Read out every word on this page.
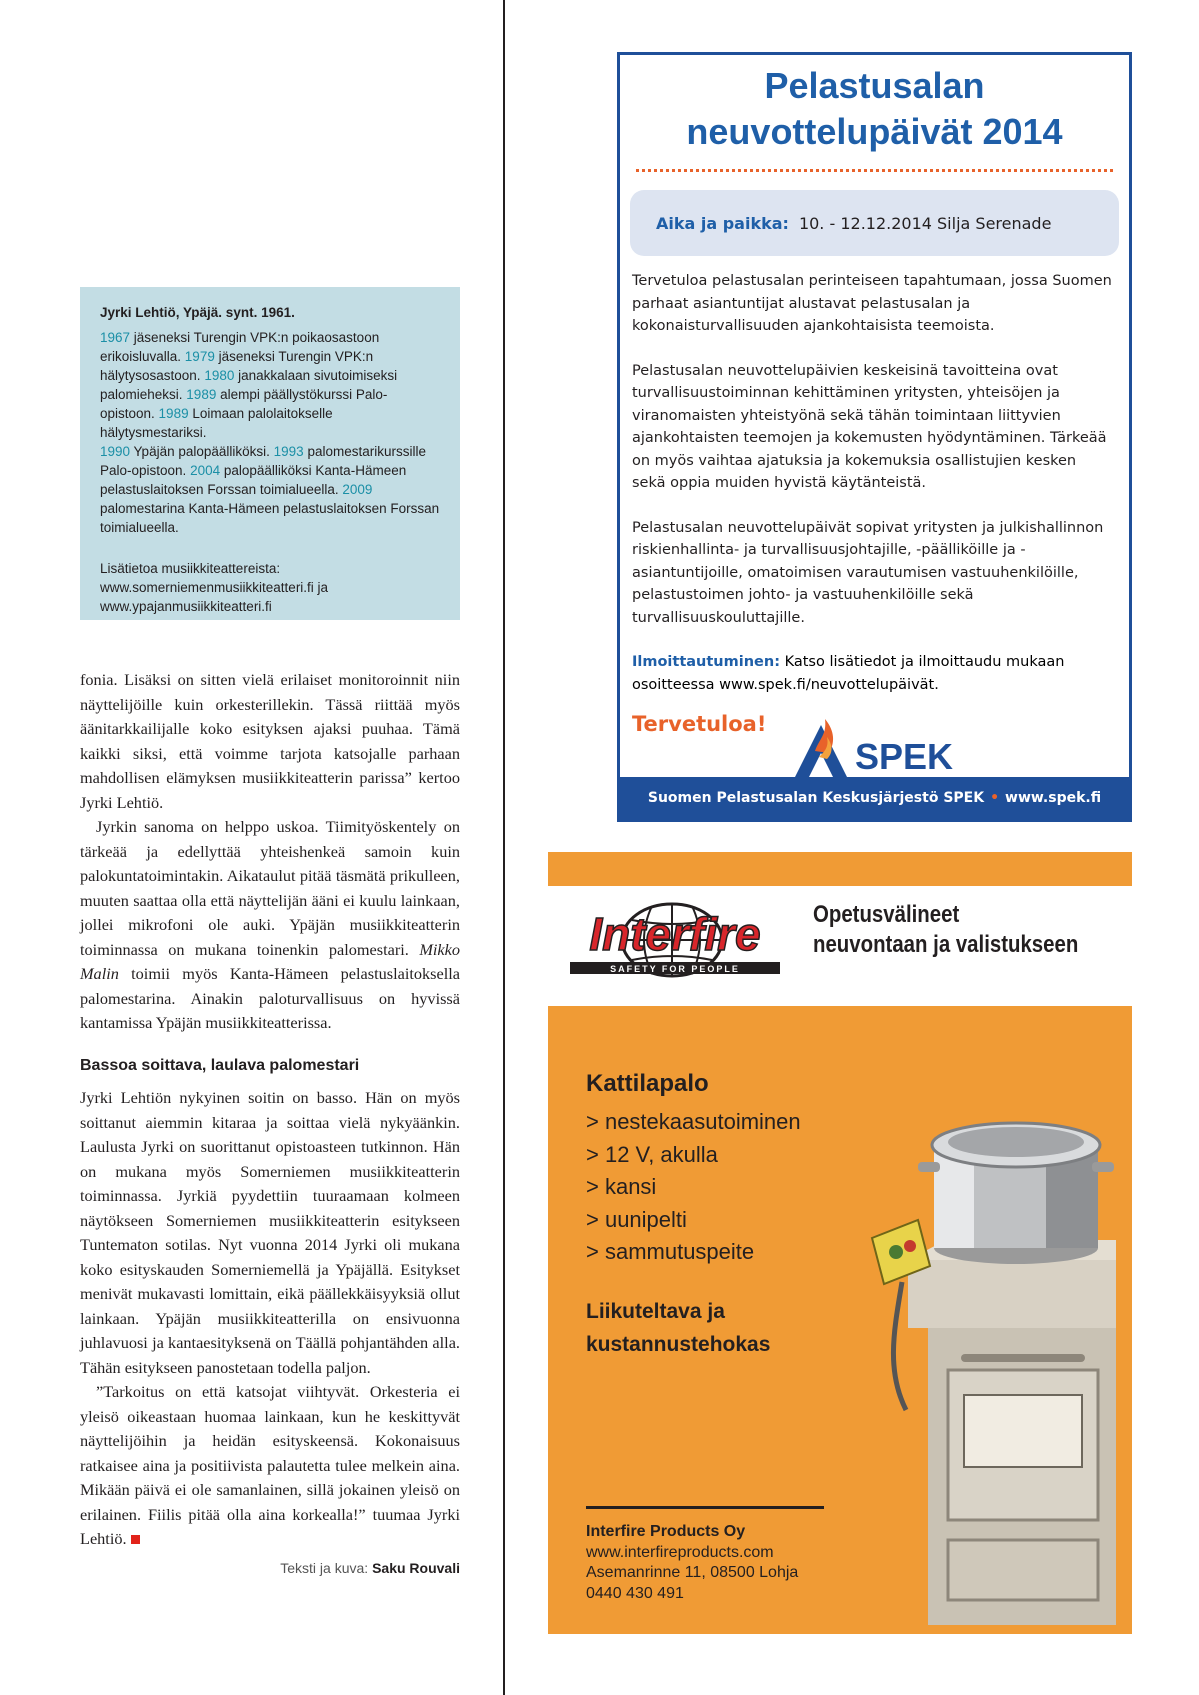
Jyrki Lehtiö, Ypäjä. synt. 1961.

1967 jäseneksi Turengin VPK:n poikaosastoon erikoisluvalla. 1979 jäseneksi Turengin VPK:n hälytysosastoon. 1980 janakkalaan sivutoimiseksi palomieheksi. 1989 alempi päällystökurssi Palo-opistoon. 1989 Loimaan palolaitokselle hälytysmestariksi.
1990 Ypäjän palopäälliköksi. 1993 palomestarikurssille Palo-opistoon. 2004 palopäälliköksi Kanta-Hämeen pelastuslaitoksen Forssan toimialueella. 2009 palomestarina Kanta-Hämeen pelastuslaitoksen Forssan toimialueella.

Lisätietoa musiikkiteattereista: www.somerniemenmusiikkiteatteri.fi ja www.ypajanmusiikkiteatteri.fi

fonia. Lisäksi on sitten vielä erilaiset monitoroinnit niin näyttelijöille kuin orkesterillekin. Tässä riittää myös äänitarkkailijalle koko esityksen ajaksi puuhaa. Tämä kaikki siksi, että voimme tarjota katsojalle parhaan mahdollisen elämyksen musiikkiteatterin parissa” kertoo Jyrki Lehtiö.

Jyrkin sanoma on helppo uskoa. Tiimityöskentely on tärkeää ja edellyttää yhteishenkeä samoin kuin palokuntatoimintakin. Aikataulut pitää täsmätä prikulleen, muuten saattaa olla että näyttelijän ääni ei kuulu lainkaan, jollei mikrofoni ole auki. Ypäjän musiikkiteatterin toiminnassa on mukana toinenkin palomestari. Mikko Malin toimii myös Kanta-Hämeen pelastuslaitoksella palomestarina. Ainakin paloturvallisuus on hyvissä kantamissa Ypäjän musiikkiteatterissa.

Bassoa soittava, laulava palomestari

Jyrki Lehtiön nykyinen soitin on basso. Hän on myös soittanut aiemmin kitaraa ja soittaa vielä nykyäänkin. Laulusta Jyrki on suorittanut opistoasteen tutkinnon. Hän on mukana myös Somerniemen musiikkiteatterin toiminnassa. Jyrkiä pyydettiin tuuraamaan kolmeen näytökseen Somerniemen musiikkiteatterin esitykseen Tuntematon sotilas. Nyt vuonna 2014 Jyrki oli mukana koko esityskauden Somerniemellä ja Ypäjällä. Esitykset menivät mukavasti lomittain, eikä päällekkäisyyksiä ollut lainkaan. Ypäjän musiikkiteatterilla on ensivuonna juhlavuosi ja kantaesityksenä on Täällä pohjantähden alla. Tähän esitykseen panostetaan todella paljon.

”Tarkoitus on että katsojat viihtyvät. Orkesteria ei yleisö oikeastaan huomaa lainkaan, kun he keskittyvät näyttelijöihin ja heidän esityskeensä. Kokonaisuus ratkaisee aina ja positiivista palautetta tulee melkein aina. Mikään päivä ei ole samanlainen, sillä jokainen yleisö on erilainen. Fiilis pitää olla aina korkealla!” tuumaa Jyrki Lehtiö.

Teksti ja kuva: Saku Rouvali
Pelastusalan
neuvottelupäivät 2014
Aika ja paikka: 10. - 12.12.2014 Silja Serenade

Tervetuloa pelastusalan perinteiseen tapahtumaan, jossa Suomen parhaat asiantuntijat alustavat pelastusalan ja kokonaisturvallisuuden ajankohtaisista teemoista.

Pelastusalan neuvottelupäivien keskeisinä tavoitteina ovat turvallisuustoiminnan kehittäminen yritysten, yhteisöjen ja viranomaisten yhteistyönä sekä tähän toimintaan liittyvien ajankohtaisten teemojen ja kokemusten hyödyntäminen. Tärkeää on myös vaihtaa ajatuksia ja kokemuksia osallistujien kesken sekä oppia muiden hyvistä käytänteistä.

Pelastusalan neuvottelupäivät sopivat yritysten ja julkishallinnon riskienhallinta- ja turvallisuusjohtajille, -päälliköille ja -asiantuntijoille, omatoimisen varautumisen vastuuhenkilöille, pelastustoimen johto- ja vastuuhenkilöille sekä turvallisuuskouluttajille.

Ilmoittautuminen: Katso lisätiedot ja ilmoittaudu mukaan osoitteessa www.spek.fi/neuvottelupäivät.
Tervetuloa!
SPEK
Suomen Pelastusalan Keskusjärjestö SPEK • www.spek.fi
Interfire
SAFETY FOR PEOPLE
Opetusvälineet
neuvontaan ja valistukseen
Kattilapalo
> nestekaasutoiminen
> 12 V, akulla
> kansi
> uunipelti
> sammutuspeite
Liikuteltava ja
kustannustehokas
Interfire Products Oy
www.interfireproducts.com
Asemanrinne 11, 08500 Lohja
0440 430 491
